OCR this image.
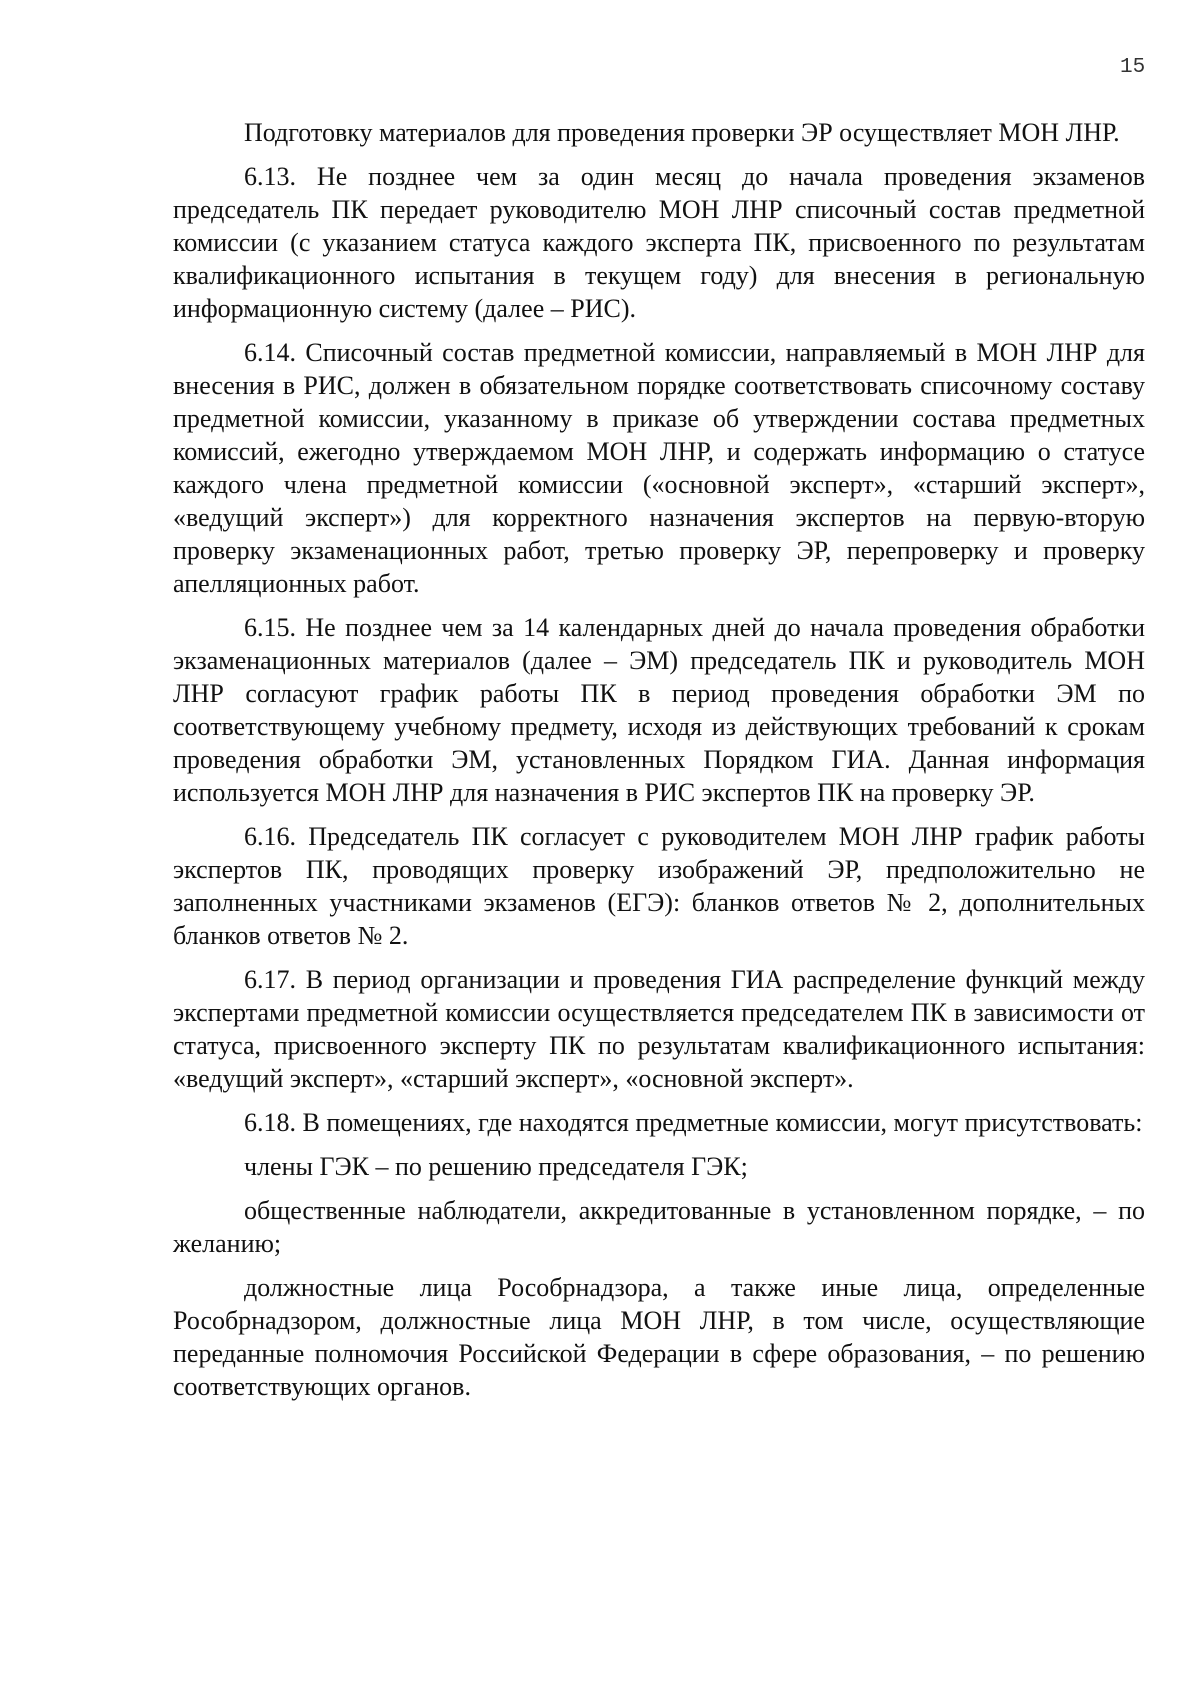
15

Подготовку материалов для проведения проверки ЭР осуществляет МОН ЛНР.

6.13. Не позднее чем за один месяц до начала проведения экзаменов председатель ПК передает руководителю МОН ЛНР списочный состав предметной комиссии (с указанием статуса каждого эксперта ПК, присвоенного по результатам квалификационного испытания в текущем году) для внесения в региональную информационную систему (далее – РИС).

6.14. Списочный состав предметной комиссии, направляемый в МОН ЛНР для внесения в РИС, должен в обязательном порядке соответствовать списочному составу предметной комиссии, указанному в приказе об утверждении состава предметных комиссий, ежегодно утверждаемом МОН ЛНР, и содержать информацию о статусе каждого члена предметной комиссии («основной эксперт», «старший эксперт», «ведущий эксперт») для корректного назначения экспертов на первую-вторую проверку экзаменационных работ, третью проверку ЭР, перепроверку и проверку апелляционных работ.

6.15. Не позднее чем за 14 календарных дней до начала проведения обработки экзаменационных материалов (далее – ЭМ) председатель ПК и руководитель МОН ЛНР согласуют график работы ПК в период проведения обработки ЭМ по соответствующему учебному предмету, исходя из действующих требований к срокам проведения обработки ЭМ, установленных Порядком ГИА. Данная информация используется МОН ЛНР для назначения в РИС экспертов ПК на проверку ЭР.

6.16. Председатель ПК согласует с руководителем МОН ЛНР график работы экспертов ПК, проводящих проверку изображений ЭР, предположительно не заполненных участниками экзаменов (ЕГЭ): бланков ответов № 2, дополнительных бланков ответов № 2.

6.17. В период организации и проведения ГИА распределение функций между экспертами предметной комиссии осуществляется председателем ПК в зависимости от статуса, присвоенного эксперту ПК по результатам квалификационного испытания: «ведущий эксперт», «старший эксперт», «основной эксперт».

6.18. В помещениях, где находятся предметные комиссии, могут присутствовать:

члены ГЭК – по решению председателя ГЭК;

общественные наблюдатели, аккредитованные в установленном порядке, – по желанию;

должностные лица Рособрнадзора, а также иные лица, определенные Рособрнадзором, должностные лица МОН ЛНР, в том числе, осуществляющие переданные полномочия Российской Федерации в сфере образования, – по решению соответствующих органов.
